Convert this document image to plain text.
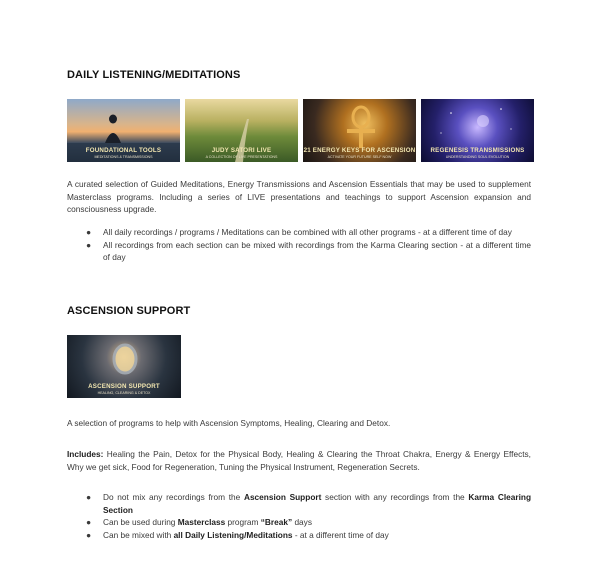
DAILY LISTENING/MEDITATIONS
FOUNDATIONAL TOOLS
MEDITATIONS & TRANSMISSIONS
JUDY SATORI LIVE
A COLLECTION OF LIVE PRESENTATIONS
21 ENERGY KEYS FOR ASCENSION
ACTIVATE YOUR FUTURE SELF NOW
REGENESIS TRANSMISSIONS
UNDERSTANDING SOUL EVOLUTION

A curated selection of Guided Meditations, Energy Transmissions and Ascension Essentials that may be used to supplement Masterclass programs. Including a series of LIVE presentations and teachings to support Ascension expansion and consciousness upgrade.

● All daily recordings / programs / Meditations can be combined with all other programs - at a different time of day
● All recordings from each section can be mixed with recordings from the Karma Clearing section - at a different time of day
ASCENSION SUPPORT
ASCENSION SUPPORT
HEALING, CLEARING & DETOX

A selection of programs to help with Ascension Symptoms, Healing, Clearing and Detox.

Includes: Healing the Pain, Detox for the Physical Body, Healing & Clearing the Throat Chakra, Energy & Energy Effects, Why we get sick, Food for Regeneration, Tuning the Physical Instrument, Regeneration Secrets.

● Do not mix any recordings from the Ascension Support section with any recordings from the Karma Clearing Section
● Can be used during Masterclass program “Break” days
● Can be mixed with all Daily Listening/Meditations - at a different time of day
